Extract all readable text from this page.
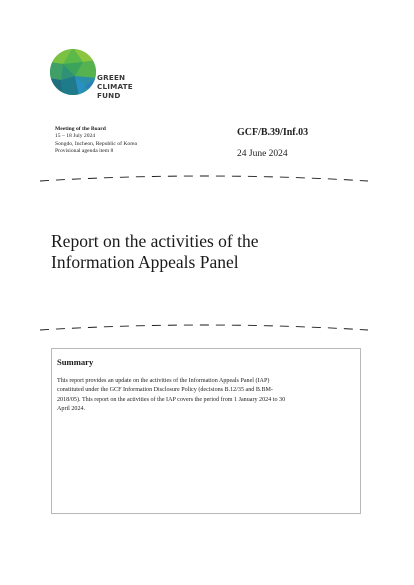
GREEN
CLIMATE
FUND
Meeting of the Board
15 – 18 July 2024
Songdo, Incheon, Republic of Korea
Provisional agenda item 8
GCF/B.39/Inf.03
24 June 2024
Report on the activities of the
Information Appeals Panel
Summary
This report provides an update on the activities of the Information Appeals Panel (IAP)
constituted under the GCF Information Disclosure Policy (decisions B.12/35 and B.BM-
2018/05). This report on the activities of the IAP covers the period from 1 January 2024 to 30
April 2024.
